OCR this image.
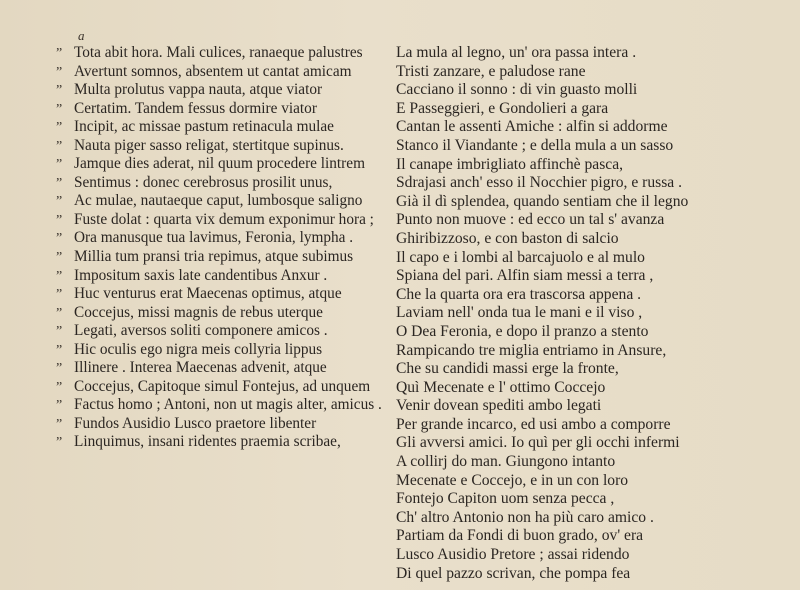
a
” Tota abit hora. Mali culices, ranaeque palustres
” Avertunt somnos, absentem ut cantat amicam
” Multa prolutus vappa nauta, atque viator
” Certatim. Tandem fessus dormire viator
” Incipit, ac missae pastum retinacula mulae
” Nauta piger sasso religat, stertitque supinus.
” Jamque dies aderat, nil quum procedere lintrem
” Sentimus : donec cerebrosus prosilit unus,
” Ac mulae, nautaeque caput, lumbosque saligno
” Fuste dolat : quarta vix demum exponimur hora ;
” Ora manusque tua lavimus, Feronia, lympha .
” Millia tum pransi tria repimus, atque subimus
” Impositum saxis late candentibus Anxur .
” Huc venturus erat Maecenas optimus, atque
” Coccejus, missi magnis de rebus uterque
” Legati, aversos soliti componere amicos .
” Hic oculis ego nigra meis collyria lippus
” Illinere . Interea Maecenas advenit, atque
” Coccejus, Capitoque simul Fontejus, ad unquem
” Factus homo ; Antoni, non ut magis alter, amicus .
” Fundos Ausidio Lusco praetore libenter
” Linquimus, insani ridentes praemia scribae,
La mula al legno, un' ora passa intera .
Tristi zanzare, e paludose rane
Cacciano il sonno : di vin guasto molli
E Passeggieri, e Gondolieri a gara
Cantan le assenti Amiche : alfin si addorme
Stanco il Viandante ; e della mula a un sasso
Il canape imbrigliato affinchè pasca,
Sdrajasi anch' esso il Nocchier pigro, e russa .
Già il dì splendea, quando sentiam che il legno
Punto non muove : ed ecco un tal s' avanza
Ghiribizzoso, e con baston di salcio
Il capo e i lombi al barcajuolo e al mulo
Spiana del pari. Alfin siam messi a terra ,
Che la quarta ora era trascorsa appena .
Laviam nell' onda tua le mani e il viso ,
O Dea Feronia, e dopo il pranzo a stento
Rampicando tre miglia entriamo in Ansure,
Che su candidi massi erge la fronte,
Quì Mecenate e l' ottimo Coccejo
Venir dovean spediti ambo legati
Per grande incarco, ed usi ambo a comporre
Gli avversi amici. Io quì per gli occhi infermi
A collirj do man. Giungono intanto
Mecenate e Coccejo, e in un con loro
Fontejo Capiton uom senza pecca ,
Ch' altro Antonio non ha più caro amico .
Partiam da Fondi di buon grado, ov' era
Lusco Ausidio Pretore ; assai ridendo
Di quel pazzo scrivan, che pompa fea
